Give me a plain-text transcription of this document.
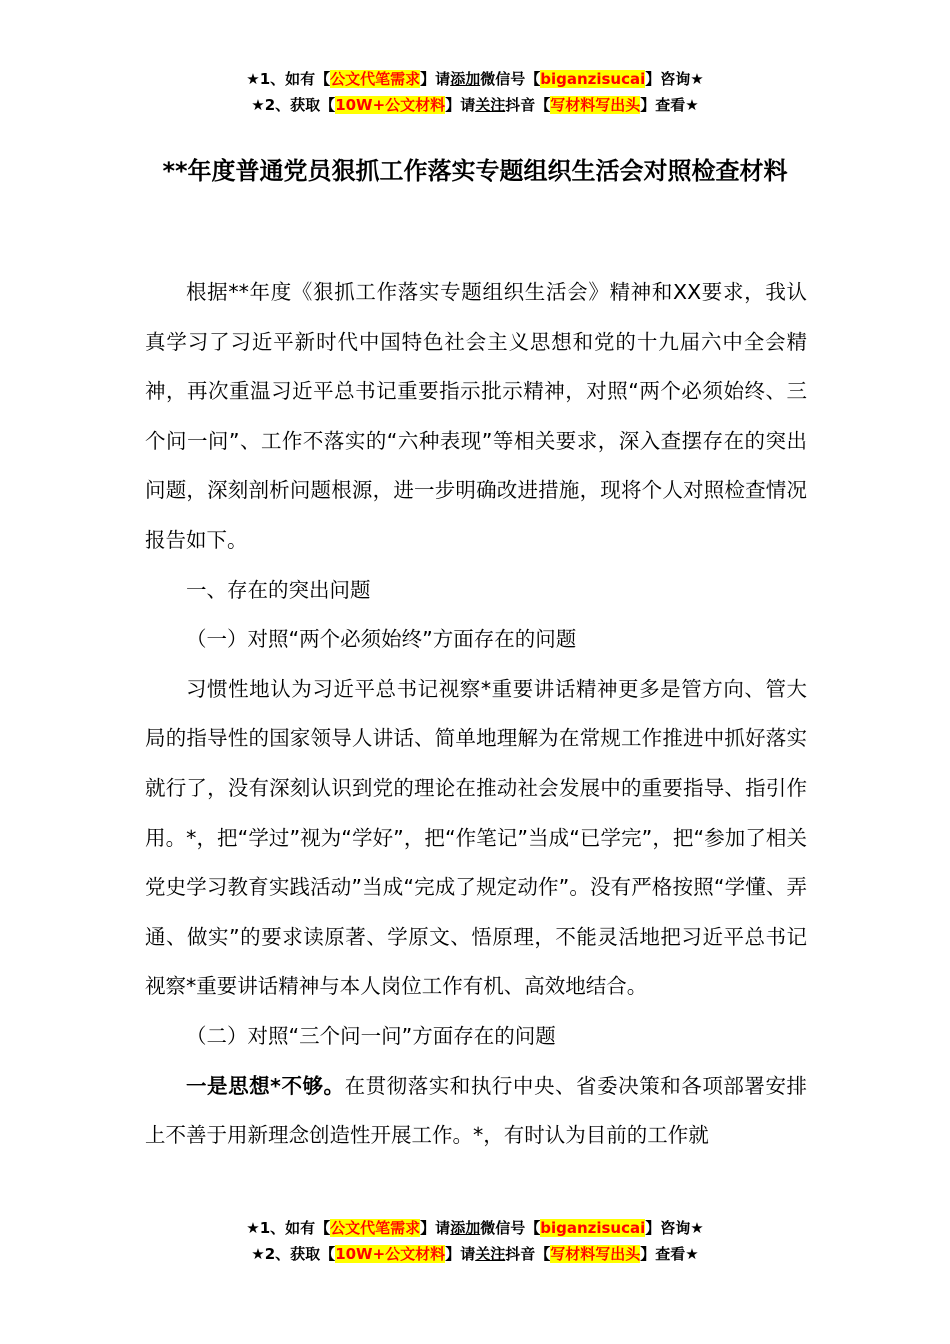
★1、如有【公文代笔需求】请添加微信号【biganzisucai】咨询★
★2、获取【10W+公文材料】请关注抖音【写材料写出头】查看★
**年度普通党员狠抓工作落实专题组织生活会对照检查材料

根据**年度《狠抓工作落实专题组织生活会》精神和XX要求，我认真学习了习近平新时代中国特色社会主义思想和党的十九届六中全会精神，再次重温习近平总书记重要指示批示精神，对照“两个必须始终、三个问一问”、工作不落实的“六种表现”等相关要求，深入查摆存在的突出问题，深刻剖析问题根源，进一步明确改进措施，现将个人对照检查情况报告如下。

一、存在的突出问题

（一）对照“两个必须始终”方面存在的问题

习惯性地认为习近平总书记视察*重要讲话精神更多是管方向、管大局的指导性的国家领导人讲话、简单地理解为在常规工作推进中抓好落实就行了，没有深刻认识到党的理论在推动社会发展中的重要指导、指引作用。*，把“学过”视为“学好”，把“作笔记”当成“已学完”，把“参加了相关党史学习教育实践活动”当成“完成了规定动作”。没有严格按照“学懂、弄通、做实”的要求读原著、学原文、悟原理，不能灵活地把习近平总书记视察*重要讲话精神与本人岗位工作有机、高效地结合。

（二）对照“三个问一问”方面存在的问题

一是思想*不够。在贯彻落实和执行中央、省委决策和各项部署安排上不善于用新理念创造性开展工作。*，有时认为目前的工作就

★1、如有【公文代笔需求】请添加微信号【biganzisucai】咨询★
★2、获取【10W+公文材料】请关注抖音【写材料写出头】查看★
